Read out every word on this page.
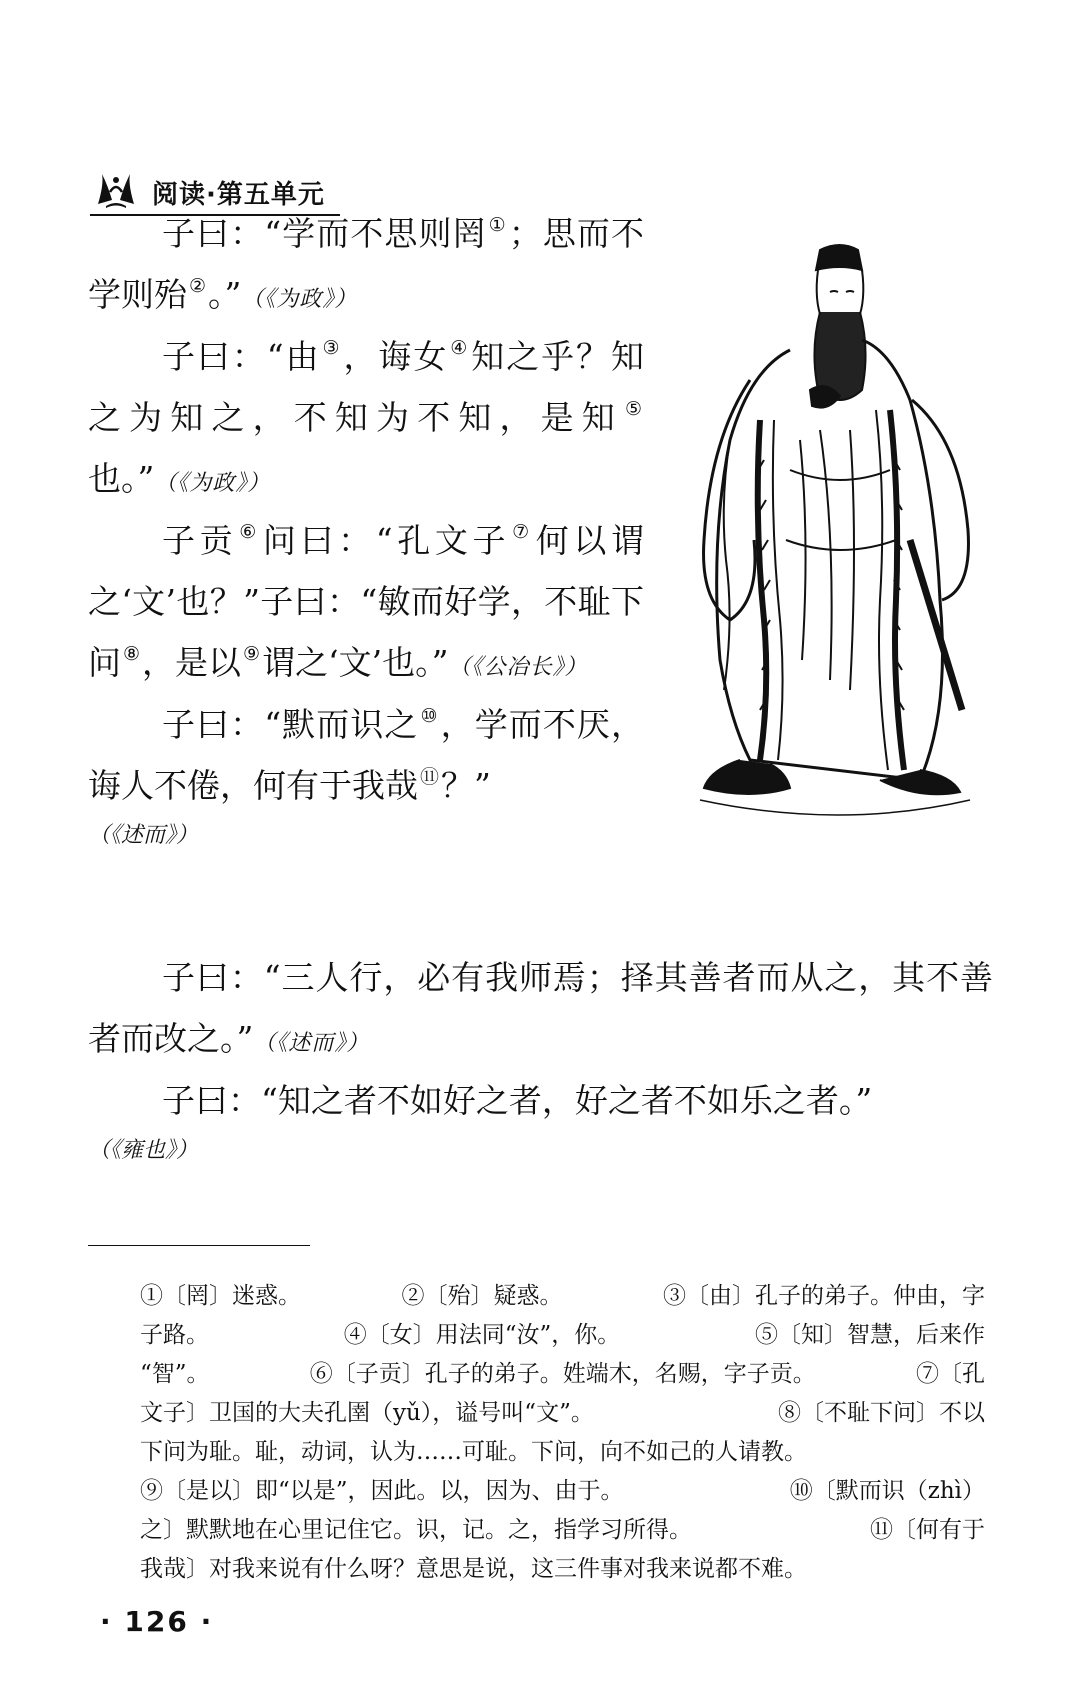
阅读·第五单元

子曰：“学而不思则罔 ①；思而不学则殆 ②。”（《为政》）

子曰：“由 ③，诲女 ④知之乎？知之为知之，不知为不知，是知 ⑤也。”（《为政》）

子贡 ⑥问曰：“孔文子 ⑦何以谓之‘文’也？”子曰：“敏而好学，不耻下问 ⑧，是以 ⑨谓之‘文’也。”（《公冶长》）

子曰：“默而识之 ⑩，学而不厌，诲人不倦，何有于我哉 ⑪？”

（《述而》）

子曰：“三人行，必有我师焉；择其善者而从之，其不善者而改之。”（《述而》）

子曰：“知之者不如好之者，好之者不如乐之者。”

（《雍也》）

①〔罔〕迷惑。	②〔殆〕疑惑。	③〔由〕孔子的弟子。仲由，字
子路。	④〔女〕用法同“汝”，你。	⑤〔知〕智慧，后来作
“智”。	⑥〔子贡〕孔子的弟子。姓端木，名赐，字子贡。	⑦〔孔
文子〕卫国的大夫孔圉（yǔ），谥号叫“文”。	⑧〔不耻下问〕不以
下问为耻。耻，动词，认为……可耻。下问，向不如己的人请教。
⑨〔是以〕即“以是”，因此。以，因为、由于。	⑩〔默而识（zhì）
之〕默默地在心里记住它。识，记。之，指学习所得。	⑪〔何有于
我哉〕对我来说有什么呀？意思是说，这三件事对我来说都不难。
· 126 ·
